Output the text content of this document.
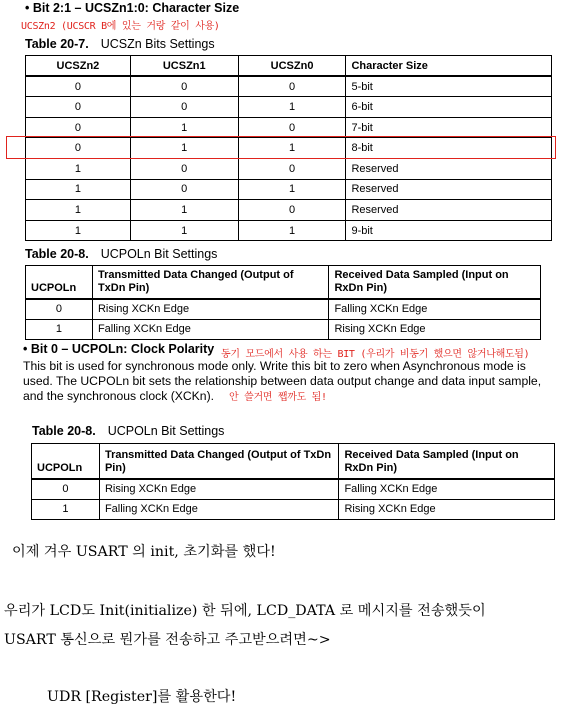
• Bit 2:1 – UCSZn1:0: Character Size
UCSZn2 (UCSCR B에 있는 거랑 같이 사용)
Table 20-7. UCSZn Bits Settings
UCSZn2	UCSZn1	UCSZn0	Character Size
0	0	0	5-bit
0	0	1	6-bit
0	1	0	7-bit
0	1	1	8-bit
1	0	0	Reserved
1	0	1	Reserved
1	1	0	Reserved
1	1	1	9-bit
Table 20-8. UCPOLn Bit Settings
UCPOLn	Transmitted Data Changed (Output of TxDn Pin)	Received Data Sampled (Input on RxDn Pin)
0	Rising XCKn Edge	Falling XCKn Edge
1	Falling XCKn Edge	Rising XCKn Edge
• Bit 0 – UCPOLn: Clock Polarity 동기 모드에서 사용 하는 BIT (우리가 비동기 했으면 않거나해도됨)
This bit is used for synchronous mode only. Write this bit to zero when Asynchronous mode is
used. The UCPOLn bit sets the relationship between data output change and data input sample,
and the synchronous clock (XCKn). 안 쓸거면 쨉까도 됨!
Table 20-8. UCPOLn Bit Settings
UCPOLn	Transmitted Data Changed (Output of TxDn Pin)	Received Data Sampled (Input on RxDn Pin)
0	Rising XCKn Edge	Falling XCKn Edge
1	Falling XCKn Edge	Rising XCKn Edge
이제 겨우 USART 의 init, 초기화를 했다!
우리가 LCD도 Init(initialize) 한 뒤에, LCD_DATA 로 메시지를 전송했듯이
USART 통신으로 뭔가를 전송하고 주고받으려면~>
UDR [Register]를 활용한다!
